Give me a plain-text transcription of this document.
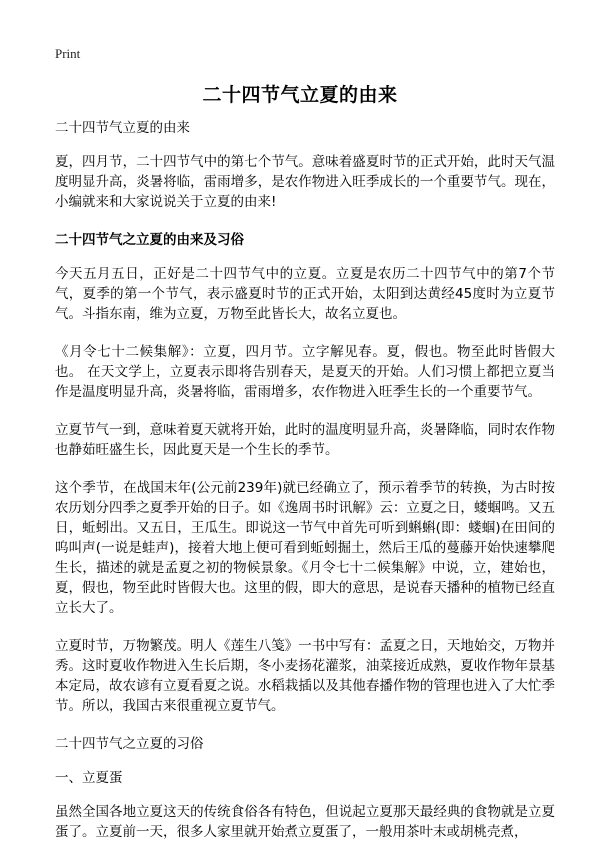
Print
二十四节气立夏的由来

二十四节气立夏的由来

夏，四月节，二十四节气中的第七个节气。意味着盛夏时节的正式开始，此时天气温度明显升高，炎暑将临，雷雨增多，是农作物进入旺季成长的一个重要节气。现在，小编就来和大家说说关于立夏的由来!

二十四节气之立夏的由来及习俗

今天五月五日，正好是二十四节气中的立夏。立夏是农历二十四节气中的第7个节气，夏季的第一个节气，表示盛夏时节的正式开始，太阳到达黄经45度时为立夏节气。斗指东南，维为立夏，万物至此皆长大，故名立夏也。

《月令七十二候集解》：立夏，四月节。立字解见春。夏，假也。物至此时皆假大也。 在天文学上，立夏表示即将告别春天，是夏天的开始。人们习惯上都把立夏当作是温度明显升高，炎暑将临，雷雨增多，农作物进入旺季生长的一个重要节气。

立夏节气一到，意味着夏天就将开始，此时的温度明显升高，炎暑降临，同时农作物也静茹旺盛生长，因此夏天是一个生长的季节。

这个季节，在战国末年(公元前239年)就已经确立了，预示着季节的转换，为古时按农历划分四季之夏季开始的日子。如《逸周书时讯解》云：立夏之日，蝼蝈鸣。又五日，蚯蚓出。又五日，王瓜生。即说这一节气中首先可听到蝌蝌(即：蝼蝈)在田间的呜叫声(一说是蛙声)，接着大地上便可看到蚯蚓掘土，然后王瓜的蔓藤开始快速攀爬生长，描述的就是孟夏之初的物候景象。《月令七十二候集解》中说，立，建始也，夏，假也，物至此时皆假大也。这里的假，即大的意思，是说春天播种的植物已经直立长大了。

立夏时节，万物繁茂。明人《莲生八笺》一书中写有：孟夏之日，天地始交，万物并秀。这时夏收作物进入生长后期，冬小麦扬花灌浆，油菜接近成熟，夏收作物年景基本定局，故农谚有立夏看夏之说。水稻栽插以及其他春播作物的管理也进入了大忙季节。所以，我国古来很重视立夏节气。

二十四节气之立夏的习俗

一、立夏蛋

虽然全国各地立夏这天的传统食俗各有特色，但说起立夏那天最经典的食物就是立夏蛋了。立夏前一天，很多人家里就开始煮立夏蛋了，一般用茶叶末或胡桃壳煮，
